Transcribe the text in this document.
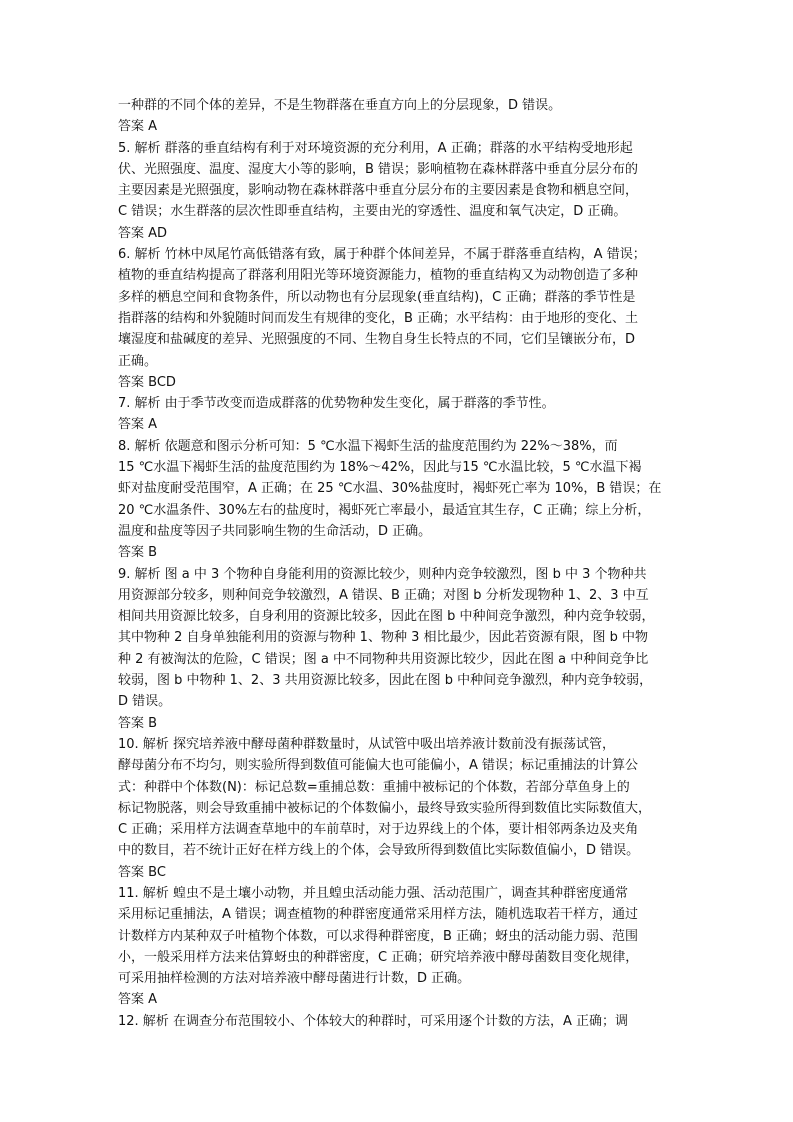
一种群的不同个体的差异，不是生物群落在垂直方向上的分层现象，D 错误。
答案 A
5. 解析 群落的垂直结构有利于对环境资源的充分利用，A 正确；群落的水平结构受地形起
伏、光照强度、温度、湿度大小等的影响，B 错误；影响植物在森林群落中垂直分层分布的
主要因素是光照强度，影响动物在森林群落中垂直分层分布的主要因素是食物和栖息空间，
C 错误；水生群落的层次性即垂直结构，主要由光的穿透性、温度和氧气决定，D 正确。
答案 AD
6. 解析 竹林中凤尾竹高低错落有致，属于种群个体间差异，不属于群落垂直结构，A 错误；
植物的垂直结构提高了群落利用阳光等环境资源能力，植物的垂直结构又为动物创造了多种
多样的栖息空间和食物条件，所以动物也有分层现象(垂直结构)，C 正确；群落的季节性是
指群落的结构和外貌随时间而发生有规律的变化，B 正确；水平结构：由于地形的变化、土
壤湿度和盐碱度的差异、光照强度的不同、生物自身生长特点的不同，它们呈镶嵌分布，D
正确。
答案 BCD
7. 解析 由于季节改变而造成群落的优势物种发生变化，属于群落的季节性。
答案 A
8. 解析 依题意和图示分析可知：5 ℃水温下褐虾生活的盐度范围约为 22%～38%，而
15 ℃水温下褐虾生活的盐度范围约为 18%～42%，因此与15 ℃水温比较，5 ℃水温下褐
虾对盐度耐受范围窄，A 正确；在 25 ℃水温、30%盐度时，褐虾死亡率为 10%，B 错误；在
20 ℃水温条件、30%左右的盐度时，褐虾死亡率最小，最适宜其生存，C 正确；综上分析，
温度和盐度等因子共同影响生物的生命活动，D 正确。
答案 B
9. 解析 图 a 中 3 个物种自身能利用的资源比较少，则种内竞争较激烈，图 b 中 3 个物种共
用资源部分较多，则种间竞争较激烈，A 错误、B 正确；对图 b 分析发现物种 1、2、3 中互
相间共用资源比较多，自身利用的资源比较多，因此在图 b 中种间竞争激烈，种内竞争较弱，
其中物种 2 自身单独能利用的资源与物种 1、物种 3 相比最少，因此若资源有限，图 b 中物
种 2 有被淘汰的危险，C 错误；图 a 中不同物种共用资源比较少，因此在图 a 中种间竞争比
较弱，图 b 中物种 1、2、3 共用资源比较多，因此在图 b 中种间竞争激烈，种内竞争较弱，
D 错误。
答案 B
10. 解析 探究培养液中酵母菌种群数量时，从试管中吸出培养液计数前没有振荡试管，
酵母菌分布不均匀，则实验所得到数值可能偏大也可能偏小，A 错误；标记重捕法的计算公
式：种群中个体数(N)：标记总数=重捕总数：重捕中被标记的个体数，若部分草鱼身上的
标记物脱落，则会导致重捕中被标记的个体数偏小，最终导致实验所得到数值比实际数值大，
C 正确；采用样方法调查草地中的车前草时，对于边界线上的个体，要计相邻两条边及夹角
中的数目，若不统计正好在样方线上的个体，会导致所得到数值比实际数值偏小，D 错误。
答案 BC
11. 解析 蝗虫不是土壤小动物，并且蝗虫活动能力强、活动范围广，调查其种群密度通常
采用标记重捕法，A 错误；调查植物的种群密度通常采用样方法，随机选取若干样方，通过
计数样方内某种双子叶植物个体数，可以求得种群密度，B 正确；蚜虫的活动能力弱、范围
小，一般采用样方法来估算蚜虫的种群密度，C 正确；研究培养液中酵母菌数目变化规律，
可采用抽样检测的方法对培养液中酵母菌进行计数，D 正确。
答案 A
12. 解析 在调查分布范围较小、个体较大的种群时，可采用逐个计数的方法，A 正确；调
